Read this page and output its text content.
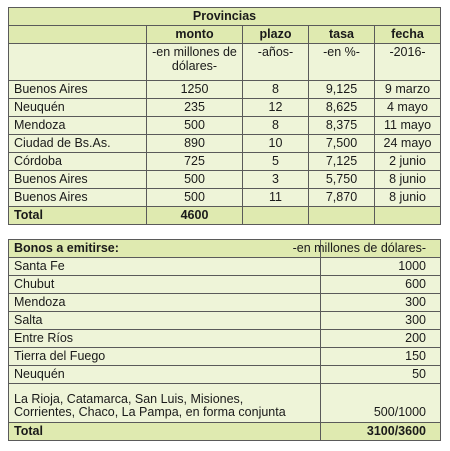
Provincias				
	monto	plazo	tasa	fecha
	-en millones de dólares-	-años-	-en %-	-2016-
Buenos Aires	1250	8	9,125	9 marzo
Neuquén	235	12	8,625	4 mayo
Mendoza	500	8	8,375	11 mayo
Ciudad de Bs.As.	890	10	7,500	24 mayo
Córdoba	725	5	7,125	2 junio
Buenos Aires	500	3	5,750	8 junio
Buenos Aires	500	11	7,870	8 junio
Total	4600			
Bonos a emitirse:	-en millones de dólares-
Santa Fe	1000
Chubut	600
Mendoza	300
Salta	300
Entre Ríos	200
Tierra del Fuego	150
Neuquén	50
La Rioja, Catamarca, San Luis, Misiones,
Corrientes, Chaco, La Pampa, en forma conjunta	500/1000
Total	3100/3600
